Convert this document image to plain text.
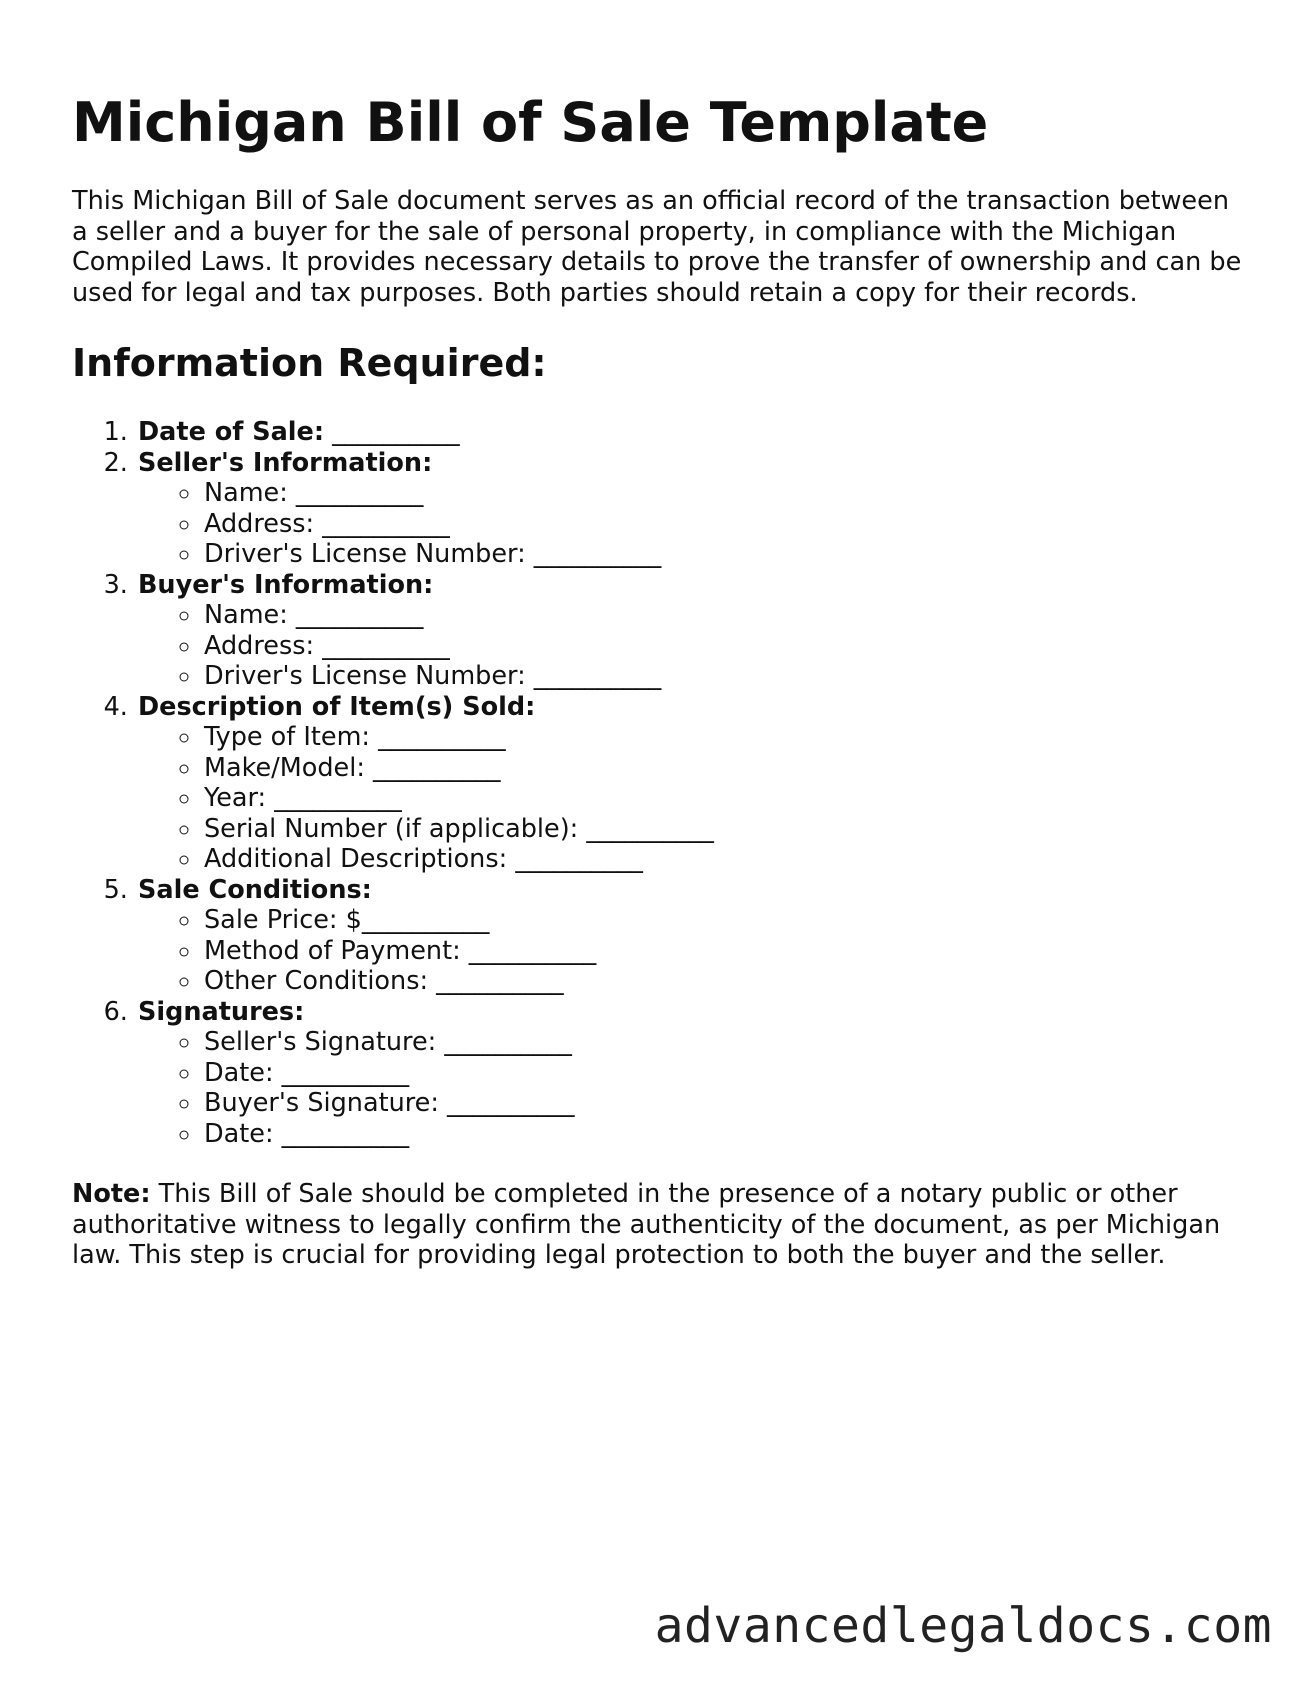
Michigan Bill of Sale Template

This Michigan Bill of Sale document serves as an official record of the transaction between a seller and a buyer for the sale of personal property, in compliance with the Michigan Compiled Laws. It provides necessary details to prove the transfer of ownership and can be used for legal and tax purposes. Both parties should retain a copy for their records.

Information Required:
1. Date of Sale: __________
2. Seller's Information:
◦ Name: __________
◦ Address: __________
◦ Driver's License Number: __________
3. Buyer's Information:
◦ Name: __________
◦ Address: __________
◦ Driver's License Number: __________
4. Description of Item(s) Sold:
◦ Type of Item: __________
◦ Make/Model: __________
◦ Year: __________
◦ Serial Number (if applicable): __________
◦ Additional Descriptions: __________
5. Sale Conditions:
◦ Sale Price: $__________
◦ Method of Payment: __________
◦ Other Conditions: __________
6. Signatures:
◦ Seller's Signature: __________
◦ Date: __________
◦ Buyer's Signature: __________
◦ Date: __________

Note: This Bill of Sale should be completed in the presence of a notary public or other authoritative witness to legally confirm the authenticity of the document, as per Michigan law. This step is crucial for providing legal protection to both the buyer and the seller.

advancedlegaldocs.com
